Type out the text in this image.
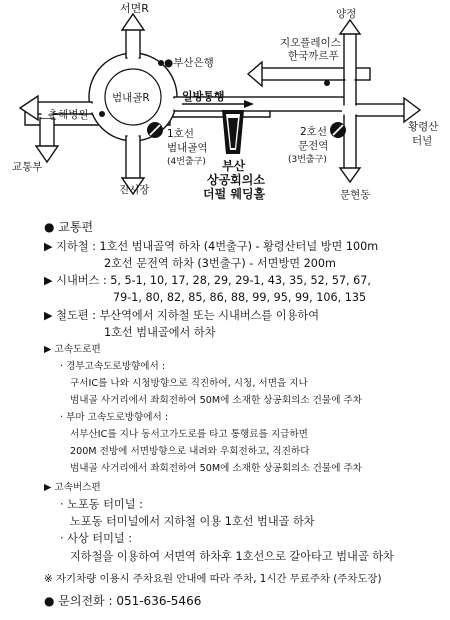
서면R
●부산은행
범내골R
춘해병원
교통부
진시장
일방통행
1호선
범내골역
(4번출구) 부산
상공회의소
더펄 웨딩홀
양정
지오플레이스
한국까르푸
2호선
문전역
(3번출구)
황령산
터널
문현동
● 교통편
▶ 지하철 : 1호선 범내골역 하차 (4번출구) - 황령산터널 방면 100m
2호선 문전역 하차 (3번출구) - 서면방면 200m
▶ 시내버스 : 5, 5-1, 10, 17, 28, 29, 29-1, 43, 35, 52, 57, 67,
79-1, 80, 82, 85, 86, 88, 99, 95, 99, 106, 135
▶ 철도편 : 부산역에서 지하철 또는 시내버스를 이용하여
1호선 범내골에서 하차
▶ 고속도로편
· 경부고속도로방향에서 :
구서IC를 나와 시청방향으로 직진하여, 시청, 서면을 지나
범내골 사거리에서 좌회전하여 50M에 소재한 상공회의소 건물에 주차
· 부마 고속도로방향에서 :
서부산IC를 지나 동서고가도로를 타고 통행료를 지급하면
200M 전방에 서면방향으로 내려와 우회전하고, 직진하다
범내골 사거리에서 좌회전하여 50M에 소재한 상공회의소 건물에 주차
▶ 고속버스편
· 노포동 터미널 :
노포동 터미널에서 지하철 이용 1호선 범내골 하차
· 사상 터미널 :
지하철을 이용하여 서면역 하차후 1호선으로 갈아타고 범내골 하차
※ 자기차량 이용시 주차요원 안내에 따라 주차, 1시간 무료주차 (주차도장)
● 문의전화 : 051-636-5466
